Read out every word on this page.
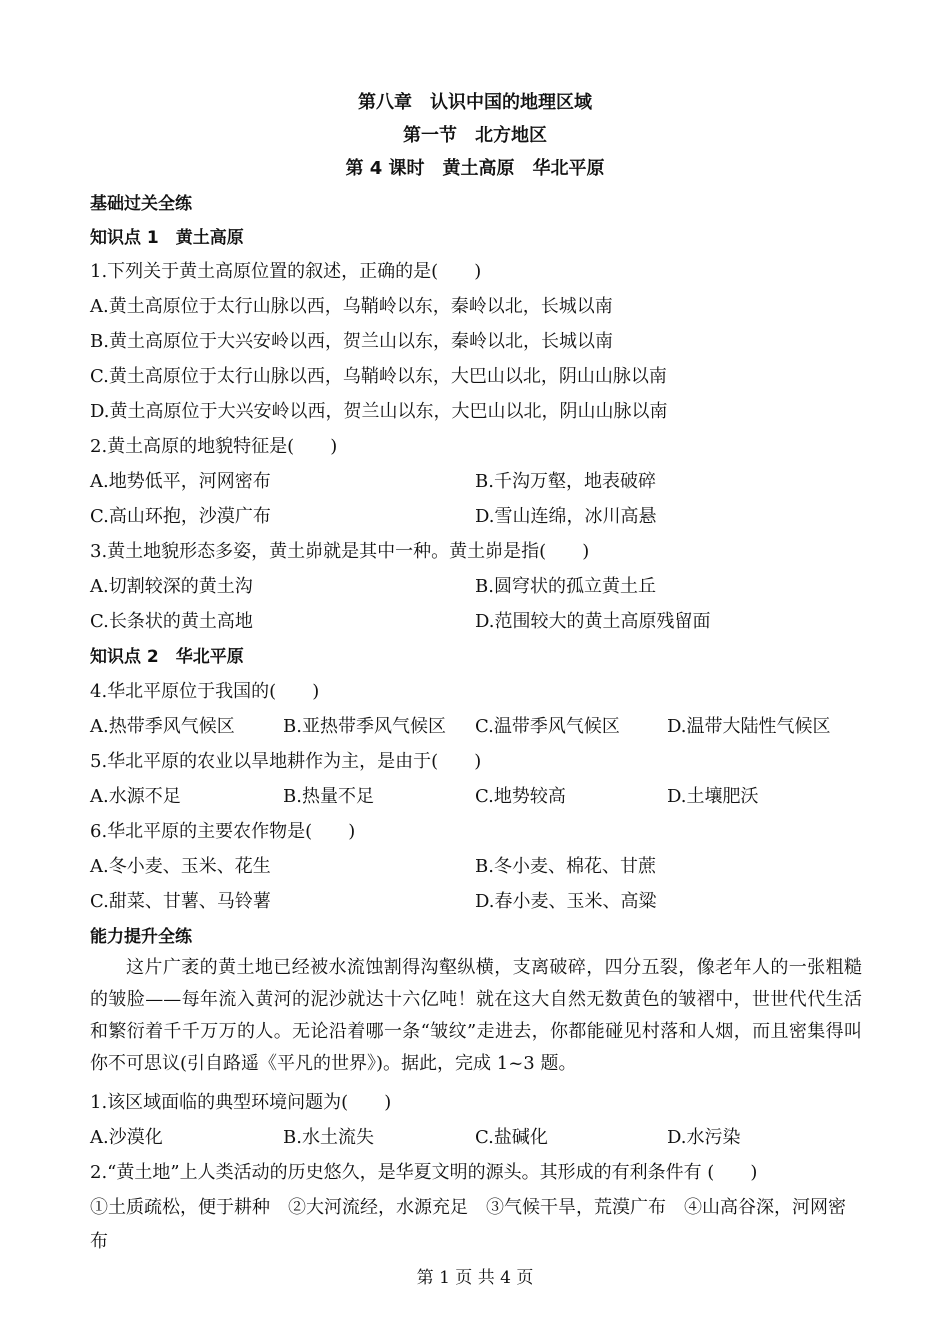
第八章　认识中国的地理区域
第一节　北方地区
第 4 课时　黄土高原　华北平原
基础过关全练
知识点 1　黄土高原
1.下列关于黄土高原位置的叙述，正确的是(　　)
A.黄土高原位于太行山脉以西，乌鞘岭以东，秦岭以北，长城以南
B.黄土高原位于大兴安岭以西，贺兰山以东，秦岭以北，长城以南
C.黄土高原位于太行山脉以西，乌鞘岭以东，大巴山以北，阴山山脉以南
D.黄土高原位于大兴安岭以西，贺兰山以东，大巴山以北，阴山山脉以南
2.黄土高原的地貌特征是(　　)
A.地势低平，河网密布	B.千沟万壑，地表破碎
C.高山环抱，沙漠广布	D.雪山连绵，冰川高悬
3.黄土地貌形态多姿，黄土峁就是其中一种。黄土峁是指(　　)
A.切割较深的黄土沟	B.圆穹状的孤立黄土丘
C.长条状的黄土高地	D.范围较大的黄土高原残留面
知识点 2　华北平原
4.华北平原位于我国的(　　)
A.热带季风气候区	B.亚热带季风气候区 C.温带季风气候区	D.温带大陆性气候区
5.华北平原的农业以旱地耕作为主，是由于(　　)
A.水源不足	B.热量不足	C.地势较高	D.土壤肥沃
6.华北平原的主要农作物是(　　)
A.冬小麦、玉米、花生	B.冬小麦、棉花、甘蔗
C.甜菜、甘薯、马铃薯	D.春小麦、玉米、高粱
能力提升全练
这片广袤的黄土地已经被水流蚀割得沟壑纵横，支离破碎，四分五裂，像老年人的一张粗糙的皱脸——每年流入黄河的泥沙就达十六亿吨！就在这大自然无数黄色的皱褶中，世世代代生活和繁衍着千千万万的人。无论沿着哪一条“皱纹”走进去，你都能碰见村落和人烟，而且密集得叫你不可思议(引自路遥《平凡的世界》)。据此，完成 1~3 题。
1.该区域面临的典型环境问题为(　　)
A.沙漠化	B.水土流失	C.盐碱化	D.水污染
2.“黄土地”上人类活动的历史悠久，是华夏文明的源头。其形成的有利条件有 (　　)
①土质疏松，便于耕种　②大河流经，水源充足　③气候干旱，荒漠广布　④山高谷深，河网密布
第 1 页 共 4 页
